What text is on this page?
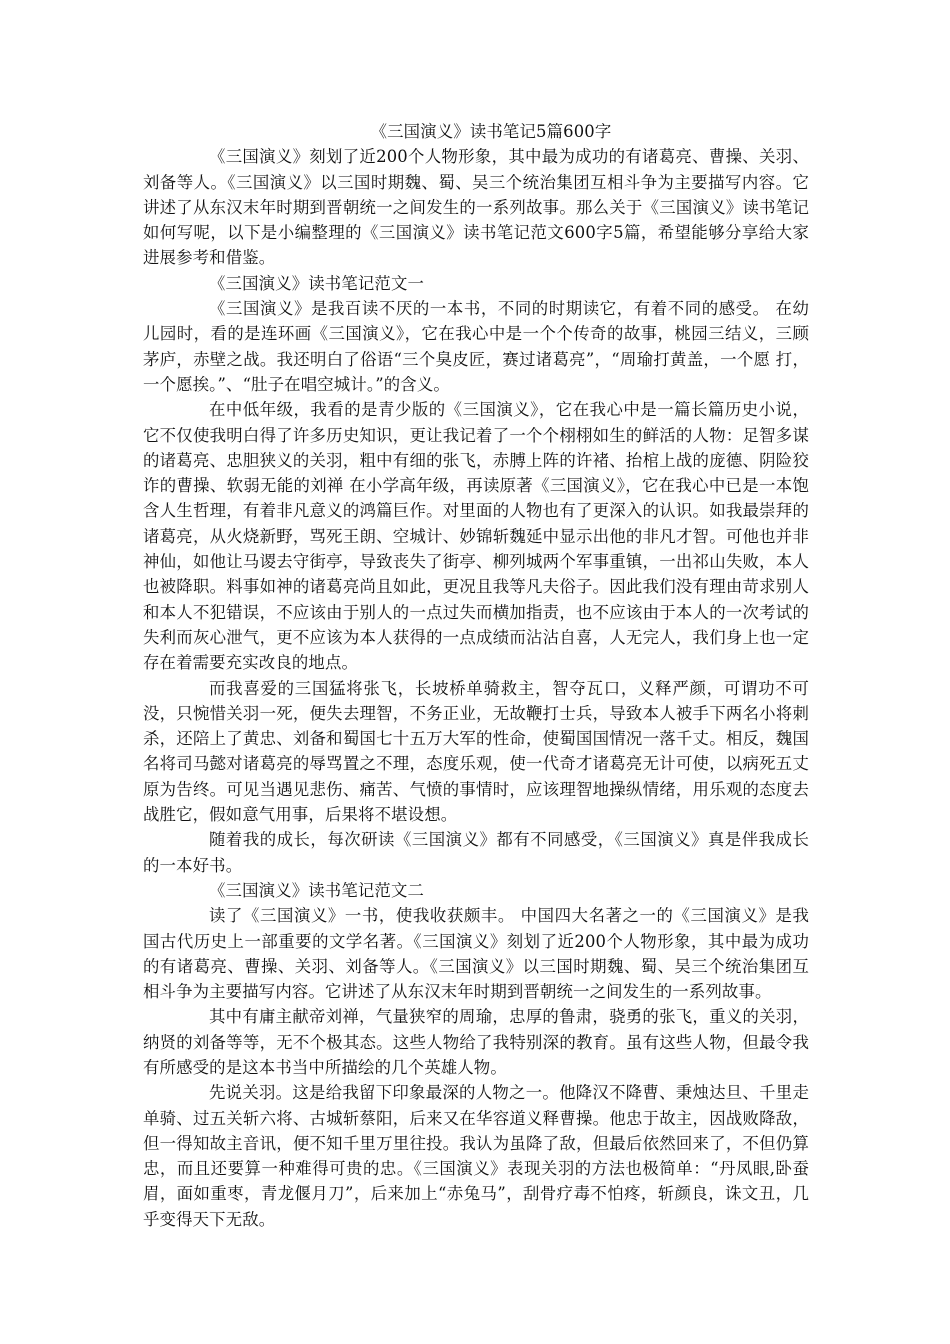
《三国演义》读书笔记5篇600字

《三国演义》刻划了近200个人物形象，其中最为成功的有诸葛亮、曹操、关羽、刘备等人。《三国演义》以三国时期魏、蜀、吴三个统治集团互相斗争为主要描写内容。它讲述了从东汉末年时期到晋朝统一之间发生的一系列故事。那么关于《三国演义》读书笔记如何写呢，以下是小编整理的《三国演义》读书笔记范文600字5篇，希望能够分享给大家进展参考和借鉴。

《三国演义》读书笔记范文一

《三国演义》是我百读不厌的一本书，不同的时期读它，有着不同的感受。 在幼儿园时，看的是连环画《三国演义》，它在我心中是一个个传奇的故事，桃园三结义，三顾茅庐，赤壁之战。我还明白了俗语“三个臭皮匠，赛过诸葛亮”，“周瑜打黄盖，一个愿 打，一个愿挨。”、“肚子在唱空城计。”的含义。

在中低年级，我看的是青少版的《三国演义》，它在我心中是一篇长篇历史小说，它不仅使我明白得了许多历史知识，更让我记着了一个个栩栩如生的鲜活的人物：足智多谋的诸葛亮、忠胆狭义的关羽，粗中有细的张飞，赤膊上阵的许褚、抬棺上战的庞德、阴险狡诈的曹操、软弱无能的刘禅 在小学高年级，再读原著《三国演义》，它在我心中已是一本饱含人生哲理，有着非凡意义的鸿篇巨作。对里面的人物也有了更深入的认识。如我最崇拜的诸葛亮，从火烧新野，骂死王朗、空城计、妙锦斩魏延中显示出他的非凡才智。可他也并非神仙，如他让马谡去守街亭，导致丧失了街亭、柳列城两个军事重镇，一出祁山失败，本人也被降职。料事如神的诸葛亮尚且如此，更况且我等凡夫俗子。因此我们没有理由苛求别人和本人不犯错误，不应该由于别人的一点过失而横加指责，也不应该由于本人的一次考试的失利而灰心泄气，更不应该为本人获得的一点成绩而沾沾自喜，人无完人，我们身上也一定存在着需要充实改良的地点。

而我喜爱的三国猛将张飞，长坡桥单骑救主，智夺瓦口，义释严颜，可谓功不可没，只惋惜关羽一死，便失去理智，不务正业，无故鞭打士兵，导致本人被手下两名小将刺杀，还陪上了黄忠、刘备和蜀国七十五万大军的性命，使蜀国国情况一落千丈。相反，魏国名将司马懿对诸葛亮的辱骂置之不理，态度乐观，使一代奇才诸葛亮无计可使，以病死五丈原为告终。可见当遇见悲伤、痛苦、气愤的事情时，应该理智地操纵情绪，用乐观的态度去战胜它，假如意气用事，后果将不堪设想。

随着我的成长，每次研读《三国演义》都有不同感受，《三国演义》真是伴我成长的一本好书。

《三国演义》读书笔记范文二

读了《三国演义》一书，使我收获颇丰。 中国四大名著之一的《三国演义》是我国古代历史上一部重要的文学名著。《三国演义》刻划了近200个人物形象，其中最为成功的有诸葛亮、曹操、关羽、刘备等人。《三国演义》以三国时期魏、蜀、吴三个统治集团互相斗争为主要描写内容。它讲述了从东汉末年时期到晋朝统一之间发生的一系列故事。

其中有庸主献帝刘禅，气量狭窄的周瑜，忠厚的鲁肃，骁勇的张飞，重义的关羽，纳贤的刘备等等，无不个极其态。这些人物给了我特别深的教育。虽有这些人物，但最令我有所感受的是这本书当中所描绘的几个英雄人物。

先说关羽。这是给我留下印象最深的人物之一。他降汉不降曹、秉烛达旦、千里走单骑、过五关斩六将、古城斩蔡阳，后来又在华容道义释曹操。他忠于故主，因战败降敌，但一得知故主音讯，便不知千里万里往投。我认为虽降了敌，但最后依然回来了，不但仍算忠，而且还要算一种难得可贵的忠。《三国演义》表现关羽的方法也极简单：“丹凤眼,卧蚕眉，面如重枣，青龙偃月刀”，后来加上“赤兔马”，刮骨疗毒不怕疼，斩颜良，诛文丑，几乎变得天下无敌。
